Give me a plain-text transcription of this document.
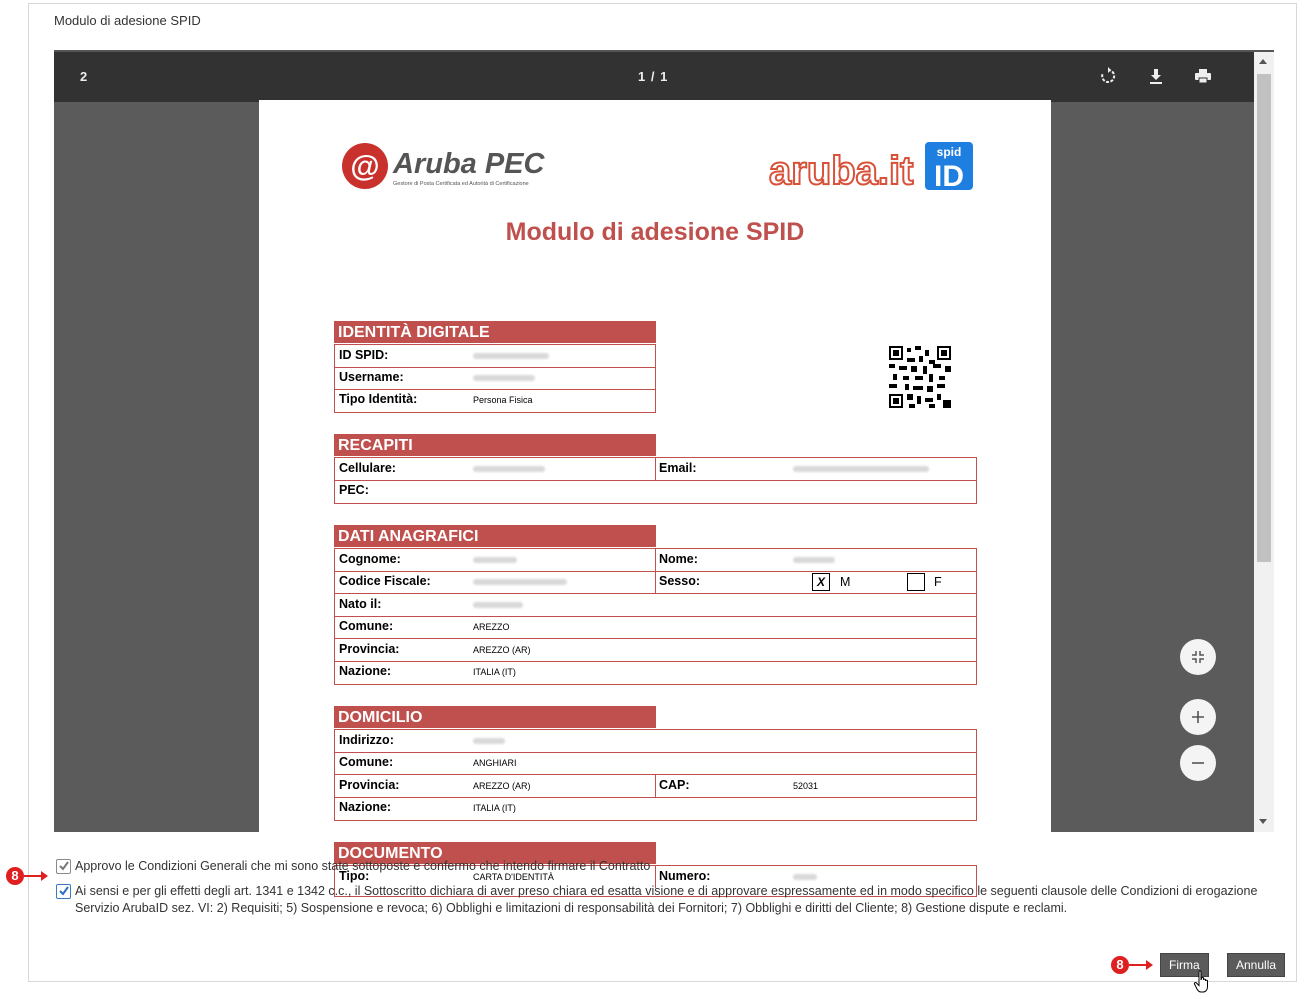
Modulo di adesione SPID
2	1 / 1
@ Aruba PEC
Gestore di Posta Certificata ed Autorità di Certificazione	aruba.it spid
ID
Modulo di adesione SPID
IDENTITÀ DIGITALE
ID SPID:
Username:
Tipo Identità:	Persona Fisica
RECAPITI
Cellulare:	Email:
PEC:
DATI ANAGRAFICI
Cognome:	Nome:
Codice Fiscale:	Sesso:	X	M	F
Nato il:
Comune:	AREZZO
Provincia:	AREZZO (AR)
Nazione:	ITALIA (IT)
DOMICILIO
Indirizzo:
Comune:	ANGHIARI
Provincia:	AREZZO (AR)	CAP:	52031
Nazione:	ITALIA (IT)
DOCUMENTO
Tipo:	CARTA D'IDENTITÀ	Numero:
Approvo le Condizioni Generali che mi sono state sottoposte e confermo che intendo firmare il Contratto
Ai sensi e per gli effetti degli art. 1341 e 1342 c.c., il Sottoscritto dichiara di aver preso chiara ed esatta visione e di approvare espressamente ed in modo specifico le seguenti clausole delle Condizioni di erogazione
Servizio ArubaID sez. VI: 2) Requisiti; 5) Sospensione e revoca; 6) Obblighi e limitazioni di responsabilità dei Fornitori; 7) Obblighi e diritti del Cliente; 8) Gestione dispute e reclami.
8
8	Firma	Annulla
